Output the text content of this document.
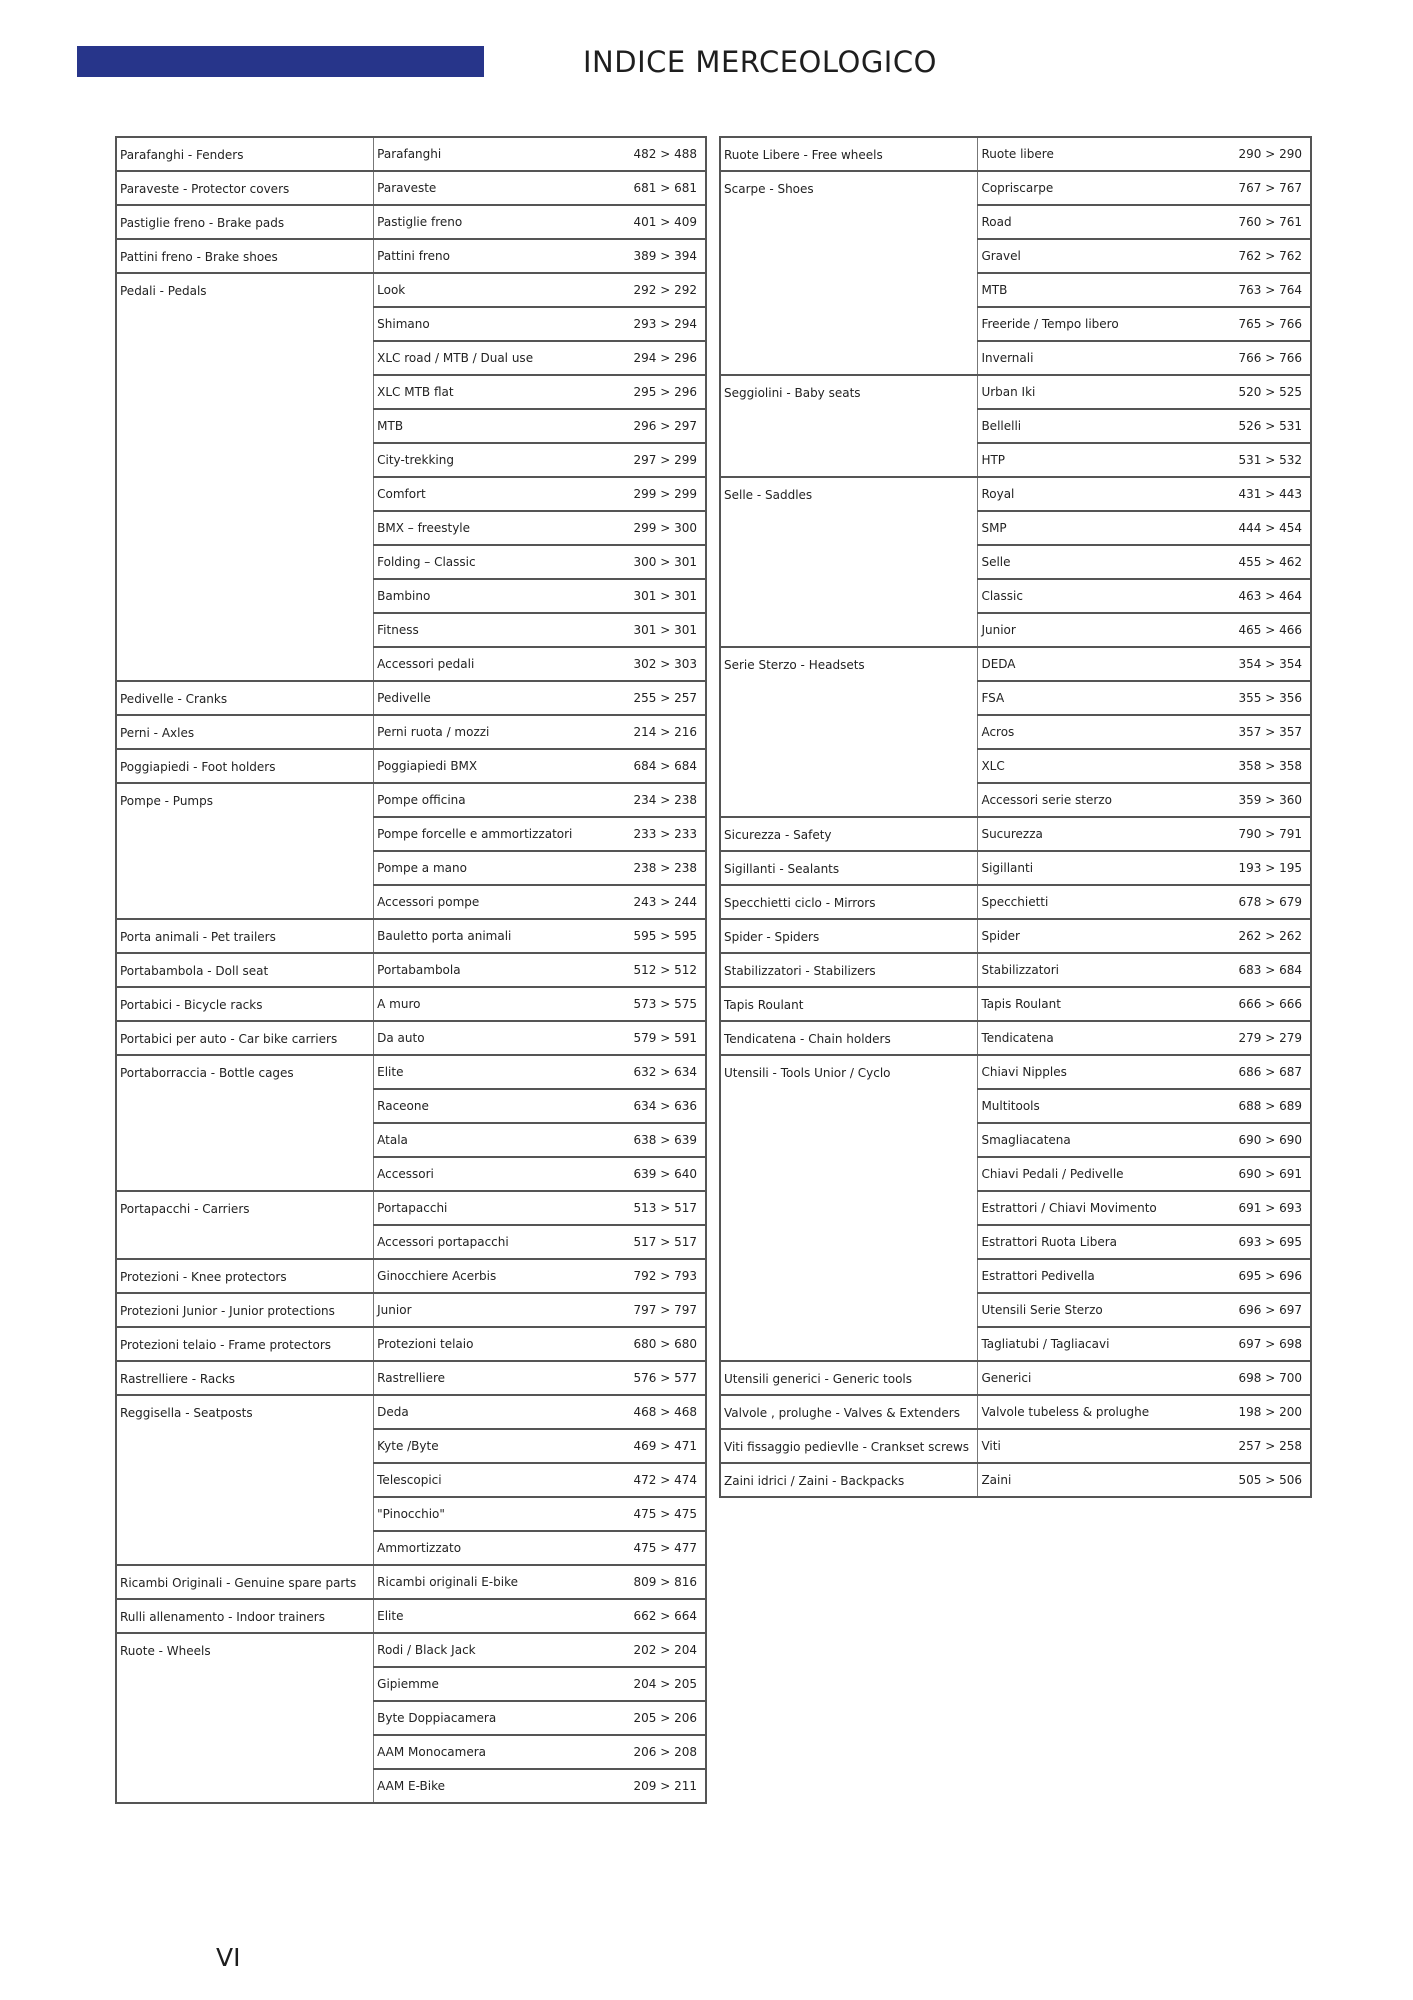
INDICE MERCEOLOGICO
Parafanghi - Fenders	Parafanghi	482 > 488
Paraveste - Protector covers	Paraveste	681 > 681
Pastiglie freno - Brake pads	Pastiglie freno	401 > 409
Pattini freno - Brake shoes	Pattini freno	389 > 394
Pedali - Pedals	Look	292 > 292
	Shimano	293 > 294
	XLC road / MTB / Dual use	294 > 296
	XLC MTB flat	295 > 296
	MTB	296 > 297
	City-trekking	297 > 299
	Comfort	299 > 299
	BMX – freestyle	299 > 300
	Folding – Classic	300 > 301
	Bambino	301 > 301
	Fitness	301 > 301
	Accessori pedali	302 > 303
Pedivelle - Cranks	Pedivelle	255 > 257
Perni - Axles	Perni ruota / mozzi	214 > 216
Poggiapiedi - Foot holders	Poggiapiedi BMX	684 > 684
Pompe - Pumps	Pompe officina	234 > 238
	Pompe forcelle e ammortizzatori	233 > 233
	Pompe a mano	238 > 238
	Accessori pompe	243 > 244
Porta animali - Pet trailers	Bauletto porta animali	595 > 595
Portabambola - Doll seat	Portabambola	512 > 512
Portabici - Bicycle racks	A muro	573 > 575
Portabici per auto - Car bike carriers	Da auto	579 > 591
Portaborraccia - Bottle cages	Elite	632 > 634
	Raceone	634 > 636
	Atala	638 > 639
	Accessori	639 > 640
Portapacchi - Carriers	Portapacchi	513 > 517
	Accessori portapacchi	517 > 517
Protezioni - Knee protectors	Ginocchiere Acerbis	792 > 793
Protezioni Junior - Junior protections	Junior	797 > 797
Protezioni telaio - Frame protectors	Protezioni telaio	680 > 680
Rastrelliere - Racks	Rastrelliere	576 > 577
Reggisella - Seatposts	Deda	468 > 468
	Kyte /Byte	469 > 471
	Telescopici	472 > 474
	"Pinocchio"	475 > 475
	Ammortizzato	475 > 477
Ricambi Originali - Genuine spare parts	Ricambi originali E-bike	809 > 816
Rulli allenamento - Indoor trainers	Elite	662 > 664
Ruote - Wheels	Rodi / Black Jack	202 > 204
	Gipiemme	204 > 205
	Byte Doppiacamera	205 > 206
	AAM Monocamera	206 > 208
	AAM E-Bike	209 > 211
Ruote Libere - Free wheels	Ruote libere	290 > 290
Scarpe - Shoes	Copriscarpe	767 > 767
	Road	760 > 761
	Gravel	762 > 762
	MTB	763 > 764
	Freeride / Tempo libero	765 > 766
	Invernali	766 > 766
Seggiolini - Baby seats	Urban Iki	520 > 525
	Bellelli	526 > 531
	HTP	531 > 532
Selle - Saddles	Royal	431 > 443
	SMP	444 > 454
	Selle	455 > 462
	Classic	463 > 464
	Junior	465 > 466
Serie Sterzo - Headsets	DEDA	354 > 354
	FSA	355 > 356
	Acros	357 > 357
	XLC	358 > 358
	Accessori serie sterzo	359 > 360
Sicurezza - Safety	Sucurezza	790 > 791
Sigillanti - Sealants	Sigillanti	193 > 195
Specchietti ciclo - Mirrors	Specchietti	678 > 679
Spider - Spiders	Spider	262 > 262
Stabilizzatori - Stabilizers	Stabilizzatori	683 > 684
Tapis Roulant	Tapis Roulant	666 > 666
Tendicatena - Chain holders	Tendicatena	279 > 279
Utensili - Tools Unior / Cyclo	Chiavi Nipples	686 > 687
	Multitools	688 > 689
	Smagliacatena	690 > 690
	Chiavi Pedali / Pedivelle	690 > 691
	Estrattori / Chiavi Movimento	691 > 693
	Estrattori Ruota Libera	693 > 695
	Estrattori Pedivella	695 > 696
	Utensili Serie Sterzo	696 > 697
	Tagliatubi / Tagliacavi	697 > 698
Utensili generici - Generic tools	Generici	698 > 700
Valvole , prolughe - Valves & Extenders	Valvole tubeless & prolughe	198 > 200
Viti fissaggio pedievlle - Crankset screws	Viti	257 > 258
Zaini idrici / Zaini - Backpacks	Zaini	505 > 506

VI
